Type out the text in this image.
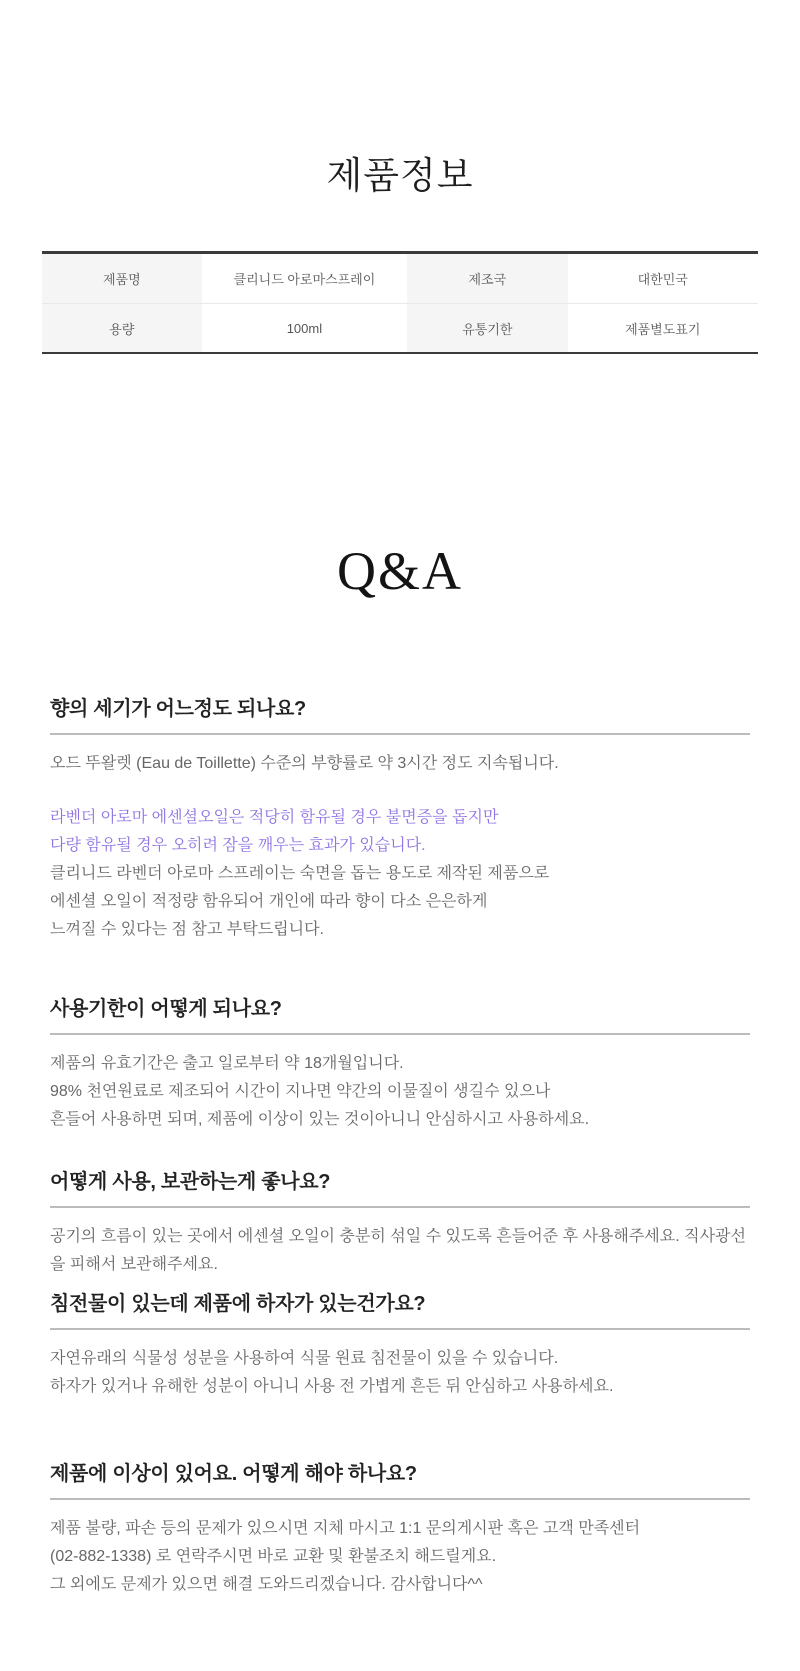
제품정보
제품명	클리니드 아로마스프레이	제조국	대한민국
용량	100ml	유통기한	제품별도표기
Q&A
향의 세기가 어느정도 되나요?
오드 뚜왈렛 (Eau de Toillette) 수준의 부향률로 약 3시간 정도 지속됩니다.
라벤더 아로마 에센셜오일은 적당히 함유될 경우 불면증을 돕지만
다량 함유될 경우 오히려 잠을 깨우는 효과가 있습니다.
클리니드 라벤더 아로마 스프레이는 숙면을 돕는 용도로 제작된 제품으로
에센셜 오일이 적정량 함유되어 개인에 따라 향이 다소 은은하게
느껴질 수 있다는 점 참고 부탁드립니다.
사용기한이 어떻게 되나요?
제품의 유효기간은 출고 일로부터 약 18개월입니다.
98% 천연원료로 제조되어 시간이 지나면 약간의 이물질이 생길수 있으나
흔들어 사용하면 되며, 제품에 이상이 있는 것이아니니 안심하시고 사용하세요.
어떻게 사용, 보관하는게 좋나요?
공기의 흐름이 있는 곳에서 에센셜 오일이 충분히 섞일 수 있도록 흔들어준 후 사용해주세요. 직사광선을 피해서 보관해주세요.
침전물이 있는데 제품에 하자가 있는건가요?
자연유래의 식물성 성분을 사용하여 식물 원료 침전물이 있을 수 있습니다.
하자가 있거나 유해한 성분이 아니니 사용 전 가볍게 흔든 뒤 안심하고 사용하세요.
제품에 이상이 있어요. 어떻게 해야 하나요?
제품 불량, 파손 등의 문제가 있으시면 지체 마시고 1:1 문의게시판 혹은 고객 만족센터
(02-882-1338) 로 연락주시면 바로 교환 및 환불조치 해드릴게요.
그 외에도 문제가 있으면 해결 도와드리겠습니다. 감사합니다^^
